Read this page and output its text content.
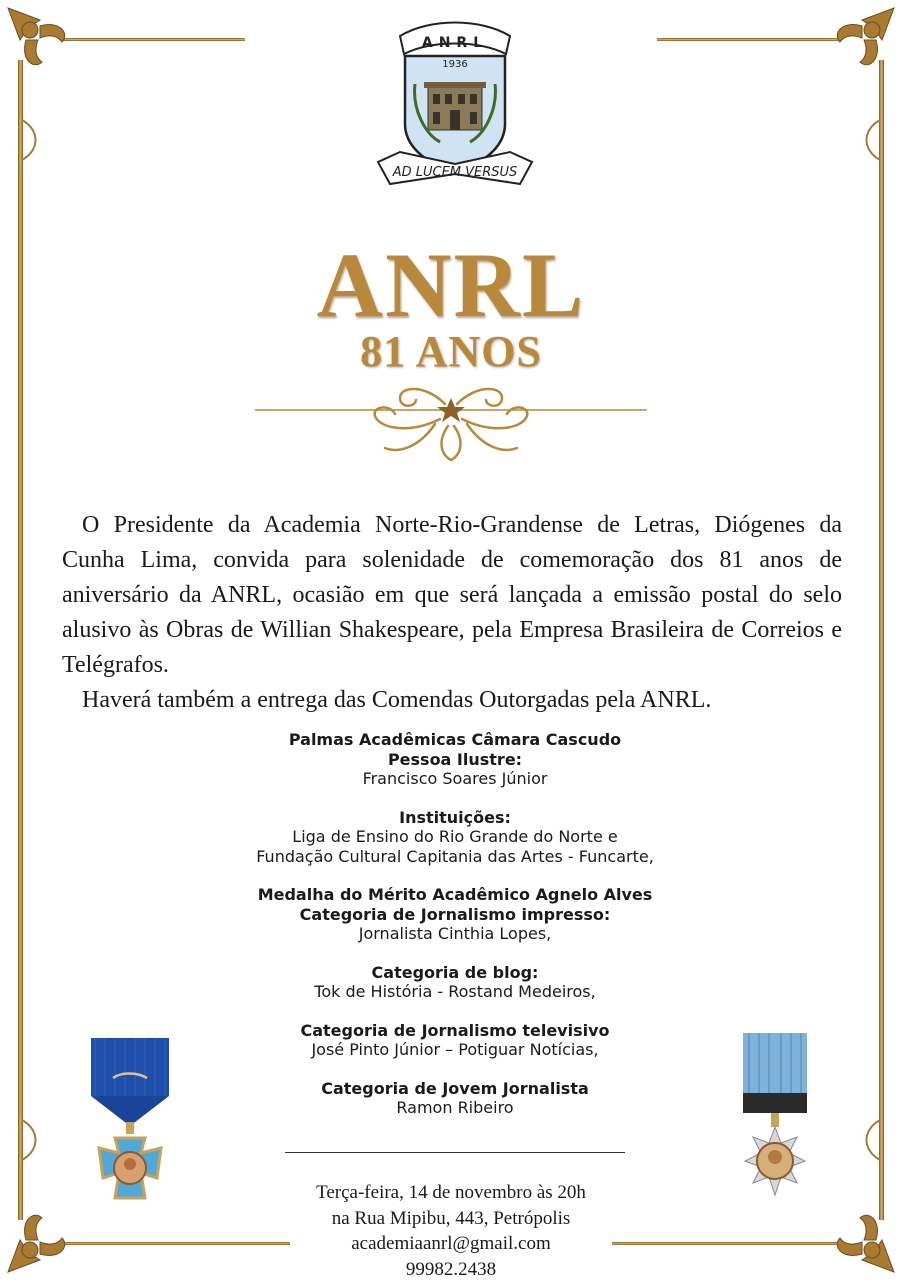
ANRL
1936
AD LUCEM VERSUS
ANRL
81 ANOS

O Presidente da Academia Norte-Rio-Grandense de Letras, Diógenes da Cunha Lima, convida para solenidade de comemoração dos 81 anos de aniversário da ANRL, ocasião em que será lançada a emissão postal do selo alusivo às Obras de Willian Shakespeare, pela Empresa Brasileira de Correios e Telégrafos.

Haverá também a entrega das Comendas Outorgadas pela ANRL.

Palmas Acadêmicas Câmara Cascudo
Pessoa Ilustre:
Francisco Soares Júnior
Instituições:
Liga de Ensino do Rio Grande do Norte e
Fundação Cultural Capitania das Artes - Funcarte,
Medalha do Mérito Acadêmico Agnelo Alves
Categoria de Jornalismo impresso:
Jornalista Cinthia Lopes,
Categoria de blog:
Tok de História - Rostand Medeiros,
Categoria de Jornalismo televisivo
José Pinto Júnior – Potiguar Notícias,
Categoria de Jovem Jornalista
Ramon Ribeiro
Terça-feira, 14 de novembro às 20h
na Rua Mipibu, 443, Petrópolis
academiaanrl@gmail.com
99982.2438
